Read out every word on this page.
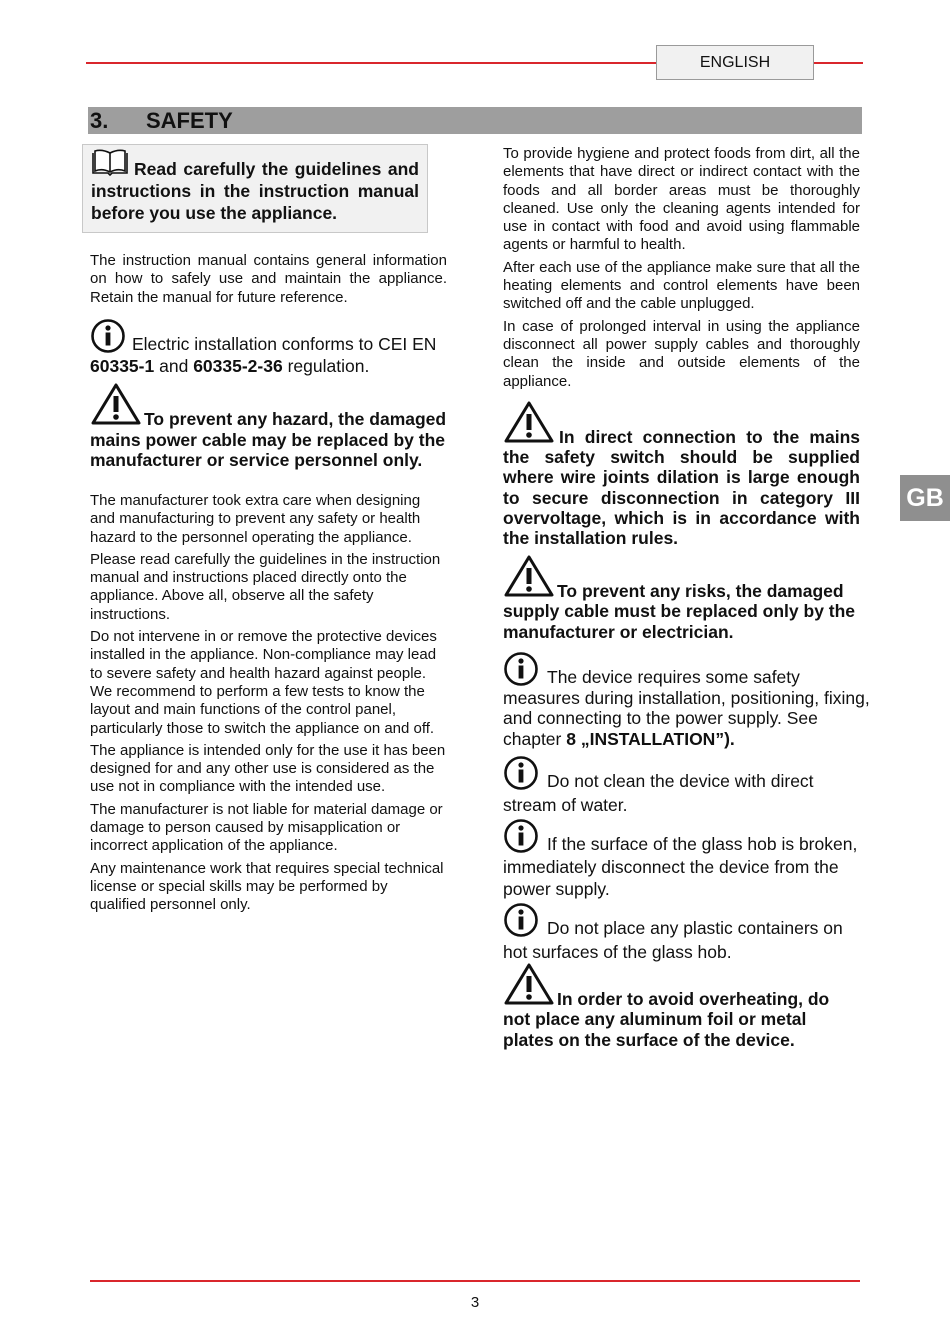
ENGLISH
3. SAFETY
GB
Read carefully the guidelines and instructions in the instruction manual before you use the appliance.

The instruction manual contains general information on how to safely use and maintain the appliance. Retain the manual for future reference.

Electric installation conforms to CEI EN
60335-1 and 60335-2-36 regulation.
To prevent any hazard, the damaged mains power cable may be replaced by the manufacturer or service personnel only.

The manufacturer took extra care when designing and manufacturing to prevent any safety or health hazard to the personnel operating the appliance.

Please read carefully the guidelines in the instruction manual and instructions placed directly onto the appliance. Above all, observe all the safety instructions.

Do not intervene in or remove the protective devices installed in the appliance. Non-compliance may lead to severe safety and health hazard against people. We recommend to perform a few tests to know the layout and main functions of the control panel, particularly those to switch the appliance on and off.

The appliance is intended only for the use it has been designed for and any other use is considered as the use not in compliance with the intended use.

The manufacturer is not liable for material damage or damage to person caused by misapplication or incorrect application of the appliance.

Any maintenance work that requires special technical license or special skills may be performed by qualified personnel only.

To provide hygiene and protect foods from dirt, all the elements that have direct or indirect contact with the foods and all border areas must be thoroughly cleaned. Use only the cleaning agents intended for use in contact with food and avoid using flammable agents or harmful to health.

After each use of the appliance make sure that all the heating elements and control elements have been switched off and the cable unplugged.

In case of prolonged interval in using the appliance disconnect all power supply cables and thoroughly clean the inside and outside elements of the appliance.

In direct connection to the mains the safety switch should be supplied where wire joints dilation is large enough to secure disconnection in category III overvoltage, which is in accordance with the installation rules.
To prevent any risks, the damaged supply cable must be replaced only by the manufacturer or electrician.
The device requires some safety measures during installation, positioning, fixing, and connecting to the power supply. See chapter 8 „INSTALLATION”).
Do not clean the device with direct stream of water.
If the surface of the glass hob is broken, immediately disconnect the device from the power supply.
Do not place any plastic containers on hot surfaces of the glass hob.
In order to avoid overheating, do not place any aluminum foil or metal plates on the surface of the device.
3
